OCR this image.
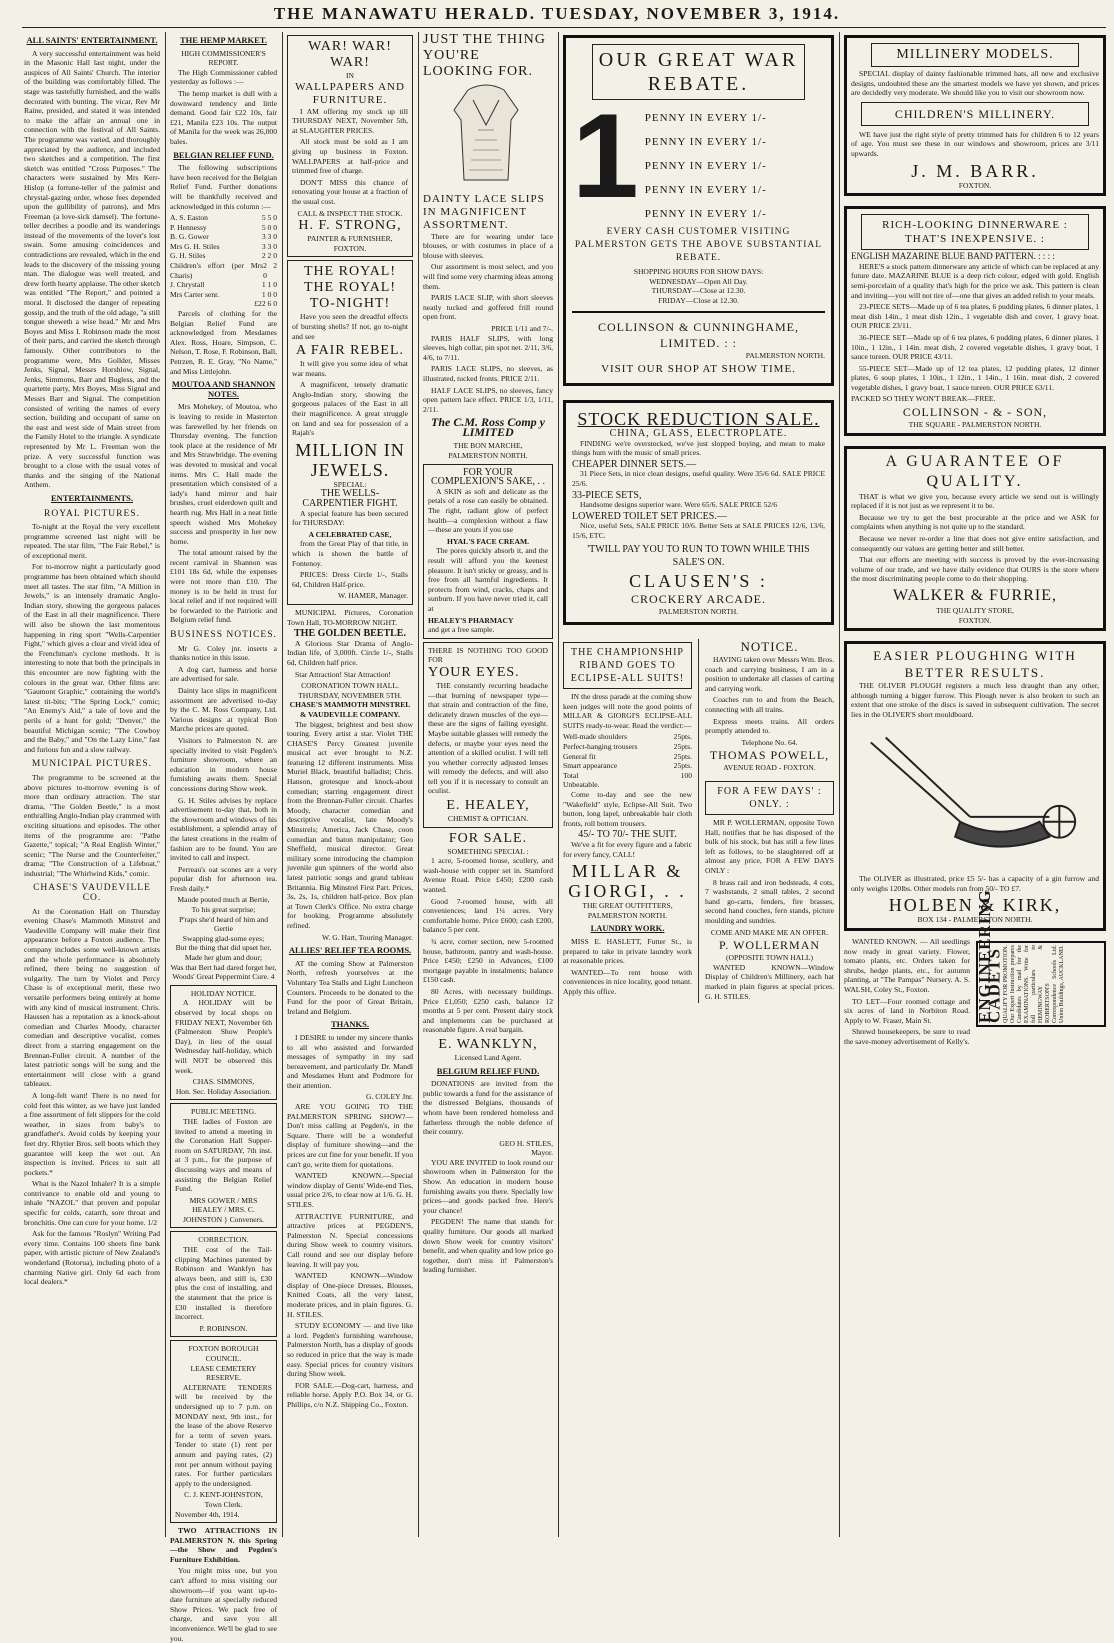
THE MANAWATU HERALD. TUESDAY, NOVEMBER 3, 1914.
ALL SAINTS' ENTERTAINMENT.

A very successful entertainment was held in the Masonic Hall last night, under the auspices of All Saints' Church. The interior of the building was comfortably filled. The stage was tastefully furnished, and the walls decorated with bunting. The vicar, Rev Mr Raine, presided, and stated it was intended to make the affair an annual one in connection with the festival of All Saints. The programme was varied, and thoroughly appreciated by the audience, and included two sketches and a competition. The first sketch was entitled "Cross Purposes." The characters were sustained by Mrs Kerr-Hislop (a fortune-teller of the palmist and chrystal-gazing order, whose fees depended upon the gullibility of patrons), and Mrs Freeman (a love-sick damsel). The fortune-teller decribes a poodle and its wanderings instead of the movements of the lover's lost swain. Some amusing coincidences and contradictions are revealed, which in the end leads to the discovery of the missing young man. The dialogue was well treated, and drew forth hearty applause. The other sketch was entitled "The Report," and pointed a moral. It disclosed the danger of repeating gossip, and the truth of the old adage, "a still tongue sheweth a wise head." Mr and Mrs Boyes and Miss I. Robinson made the most of their parts, and carried the sketch through famously. Other contributors to the programme were, Mrs Gollder, Misses Jenks, Signal, Messrs Horsblow, Signal, Jenks, Simmons, Barr and Bugless, and the quartette party, Mrs Boyes, Miss Signal and Messrs Barr and Signal. The competition consisted of writing the names of every section, building and occupant of same on the east and west side of Main street from the Family Hotel to the triangle. A syndicate represented by Mr L. Freeman won the prize. A very successful function was brought to a close with the usual votes of thanks and the singing of the National Anthem.

ENTERTAINMENTS.
ROYAL PICTURES.

To-night at the Royal the very excellent programme screened last night will be repeated. The star film, "The Fair Rebel," is of exceptional merit.

For to-morrow night a particularly good programme has been obtained which should meet all tastes. The star film, "A Million in Jewels," is an intensely dramatic Anglo-Indian story, showing the gorgeous palaces of the East in all their magnificence. There will also be shown the last momentous happening in ring sport "Wells-Carpentier Fight," which gives a clear and vivid idea of the Frenchman's cyclone methods. It is interesting to note that both the principals in this encounter are now fighting with the colours in the great war. Other films are: "Gaumont Graphic," containing the world's latest tit-bits; "The Spring Lock," comic; "An Enemy's Aid," a tale of love and the perils of a hunt for gold; "Denver," the beautiful Michigan scenic; "The Cowboy and the Baby," and "On the Lazy Line," fast and furious fun and a slow railway.

MUNICIPAL PICTURES.

The programme to be screened at the above pictures to-morrow evening is of more than ordinary attraction. The star drama, "The Golden Beetle," is a most enthralling Anglo-Indian play crammed with exciting situations and episodes. The other items of the programme are: "Pathe Gazette," topical; "A Real English Winter," scenic; "The Nurse and the Counterfeiter," drama; "The Construction of a Lifeboat," industrial; "The Whirlwind Kids," comic.

CHASE'S VAUDEVILLE CO.

At the Coronation Hall on Thursday evening Chase's Mammoth Minstrel and Vaudeville Company will make their first appearance before a Foxton audience. The company includes some well-known artists and the whole performance is absolutely refined, there being no suggestion of vulgarity. The turn by Violet and Percy Chase is of exceptional merit, these two versatile performers being entirely at home with any kind of musical instrument. Chris. Haussen has a reputation as a knock-about comedian and Charles Moody, character comedian and descriptive vocalist, comes direct from a starring engagement on the Brennan-Fuller circuit. A number of the latest patriotic songs will be sung and the entertainment will close with a grand tableaux.

A long-felt want! There is no need for cold feet this winter, as we have just landed a fine assortment of felt slippers for the cold weather, in sizes from baby's to grandfather's. Avoid colds by keeping your feet dry. Rhytier Bros. sell boots which they guarantee will keep the wet out. An inspection is invited. Prices to suit all pockets.*

What is the Nazol Inhaler? It is a simple contrivance to enable old and young to inhale "NAZOL" that proven and popular specific for colds, catarrh, sore throat and bronchitis. One can cure for your home. 1/2

Ask for the famous "Roslyn" Writing Pad every time. Contains 100 sheets fine bank paper, with artistic picture of New Zealand's wonderland (Rotorua), including photo of a charming Native girl. Only 6d each from local dealers.*

THE HEMP MARKET.
HIGH COMMISSIONER'S REPORT.

The High Commissioner cabled yesterday as follows :—

The hemp market is dull with a downward tendency and little demand. Good fair £22 10s, fair £21, Manila £23 10s. The output of Manila for the week was 26,000 bales.

BELGIAN RELIEF FUND.

The following subscriptions have been received for the Belgian Relief Fund. Further donations will be thankfully received and acknowledged in this column :—

A. S. Easton	5 5 0
P. Hennessy	5 0 0
B. G. Gower	3 3 0
Mrs G. H. Stiles	3 3 0
G. H. Stiles	2 2 0
Children's effort (per Mrs Charis)
2 2 0
J. Chrystall	1 1 0
Mrs Carter senr.	1 0 0
£22 6 0

Parcels of clothing for the Belgian Relief Fund are acknowledged from Mesdames Alex. Ross, Hoare, Simpson, C. Nelson, T. Rose, F. Robinson, Ball, Petrzen, R. E. Gray, "No Name," and Miss Littlejohn.

MOUTOA AND SHANNON NOTES.

Mrs Mohekey, of Moutoa, who is leaving to reside in Masterton was farewelled by her friends on Thursday evening. The function took place at the residence of Mr and Mrs Strawbridge. The evening was devoted to musical and vocal items. Mrs C. Hall made the presentation which consisted of a lady's hand mirror and hair brushes, cruel eiderdown quilt and hearth rug. Mrs Hall in a neat little speech wished Mrs Mohekey success and prosperity in her new home.

The total amount raised by the recent carnival in Shannon was £101 18s 6d, while the expenses were not more than £10. The money is to be held in trust for local relief and if not required will be forwarded to the Patriotic and Belgium relief fund.

BUSINESS NOTICES.

Mr G. Coley jnr. inserts a thanks notice in this issue.

A dog cart, harness and horse are advertised for sale.

Dainty lace slips in magnificent assortment are advertised to-day by the C. M. Ross Company, Ltd. Various designs at typical Bon Marche prices are quoted.

Visitors to Palmerston N. are specially invited to visit Pegden's furniture showroom, where an education in modern house furnishing awaits them. Special concessions during Show week.

G. H. Stiles advises by replace advertisement to-day that, both in the showroom and windows of his establishment, a splendid array of the latest creations in the realm of fashion are to be found. You are invited to call and inspect.

Perreau's oat scones are a very popular dish for afternoon tea. Fresh daily.*

Maude pouted much at Bertie,
To his great surprise;
P'raps she'd heard of him and Gertie
Swapping glad-some eyes;
But the thing that did upset her,
Made her glum and dour;
Was that Bert had dared forget her,
Woods' Great Peppermint Cure. 4
HOLIDAY NOTICE.

A HOLIDAY will be observed by local shops on FRIDAY NEXT, November 6th (Palmerston Show People's Day), in lieu of the usual Wednesday half-holiday, which will NOT be observed this week.

CHAS. SIMMONS,
Hon. Sec. Holiday Association.
PUBLIC MEETING.

THE ladies of Foxton are invited to attend a meeting in the Coronation Hall Supper-room on SATURDAY, 7th inst. at 3 p.m., for the purpose of discussing ways and means of assisting the Belgian Relief Fund.

MRS GOWER / MRS HEALEY / MRS. C. JOHNSTON } Conveners.
CORRECTION.

THE cost of the Tail-clipping Machines patented by Robinson and Wankfyn has always been, and still is, £30 plus the cost of installing, and the statement that the price is £30 installed is therefore incorrect.

P. ROBINSON.
FOXTON BOROUGH COUNCIL.
LEASE CEMETERY RESERVE.

ALTERNATE TENDERS will be received by the undersigned up to 7 p.m. on MONDAY next, 9th inst., for the lease of the above Reserve for a term of seven years. Tender to state (1) rent per annum and paying rates, (2) rent per annum without paying rates. For further particulars apply to the undersigned.

C. J. KENT-JOHNSTON,
Town Clerk.
November 4th, 1914.

TWO ATTRACTIONS IN PALMERSTON N. this Spring—the Show and Pegden's Furniture Exhibition.

You might miss one, but you can't afford to miss visiting our showroom—if you want up-to-date furniture at specially reduced Show Prices. We pack free of charge, and save you all inconvenience. We'll be glad to see you.

WAR! WAR! WAR!
IN
WALLPAPERS AND FURNITURE.

I AM offering my stock up till THURSDAY NEXT, November 5th, at SLAUGHTER PRICES.

All stock must be sold as I am giving up business in Foxton. WALLPAPERS at half-price and trimmed free of charge.

DON'T MISS this chance of renovating your house at a fraction of the usual cost.

CALL & INSPECT THE STOCK.
H. F. STRONG,
PAINTER & FURNISHER, FOXTON.
THE ROYAL! THE ROYAL!
TO-NIGHT!

Have you seen the dreadful effects of bursting shells? If not, go to-night and see

A FAIR REBEL.

It will give you some idea of what war means.

A magnificent, tensely dramatic Anglo-Indian story, showing the gorgeous palaces of the East in all their magnificence. A great struggle on land and sea for possession of a Rajah's

MILLION IN JEWELS.
SPECIAL:
THE WELLS-CARPENTIER FIGHT.

A special feature has been secured for THURSDAY:

A CELEBRATED CASE,

from the Great Play of that title, in which is shown the battle of Fontenoy.

PRICES: Dress Circle 1/-, Stalls 6d, Children Half-price.

W. HAMER, Manager.

MUNICIPAL Pictures, Coronation Town Hall, TO-MORROW NIGHT.

THE GOLDEN BEETLE.

A Glorious Star Drama of Anglo-Indian life, of 3,000ft. Circle 1/-, Stalls 6d, Children half price.

Star Attraction! Star Attraction!

CORONATION TOWN HALL.
THURSDAY, NOVEMBER 5TH.
CHASE'S MAMMOTH MINSTREL & VAUDEVILLE COMPANY.

The biggest, brightest and best show touring. Every artist a star. Violet THE CHASE'S Percy Greatest juvenile musical act ever brought to N.Z. featuring 12 different instruments. Miss Muriel Black, beautiful balladist; Chris. Hanson, grotesque and knock-about comedian; starring engagement direct from the Brennan-Fuller circuit. Charles Moody, character comedian and descriptive vocalist, late Moody's Minstrels; America, Jack Chase, coon comedian and baton manipulator; Geo Sheffield, musical director. Great military scene introducing the champion juvenile gun spinners of the world also latest patriotic songs and grand tableau Britannia. Big Minstrel First Part. Prices, 3s, 2s, 1s, children half-price. Box plan at Town Clerk's Office. No extra charge for booking. Programme absolutely refined.

W. G. Hart, Touring Manager.
ALLIES' RELIEF TEA ROOMS.

AT the coming Show at Palmerston North, refresh yourselves at the Voluntary Tea Stalls and Light Luncheon Counters. Proceeds to be donated to the Fund for the poor of Great Britain, Ireland and Belgium.

THANKS.

I DESIRE to tender my sincere thanks to all who assisted and forwarded messages of sympathy in my sad bereavement, and particularly Dr. Mandl and Mesdames Hunt and Podmore for their attention.

G. COLEY Jnr.

ARE YOU GOING TO THE PALMERSTON SPRING SHOW?—Don't miss calling at Pegden's, in the Square. There will be a wonderful display of furniture showing—and the prices are cut fine for your benefit. If you can't go, write them for quotations.

WANTED KNOWN.—Special window display of Gents' Wide-end Ties, usual price 2/6, to clear now at 1/6. G. H. STILES.

ATTRACTIVE FURNITURE, and attractive prices at PEGDEN'S, Palmerston N. Special concessions during Show week to country visitors. Call round and see our display before leaving. It will pay you.

WANTED KNOWN—Window display of One-piece Dresses, Blouses, Knitted Coats, all the very latest, moderate prices, and in plain figures. G. H. STILES.

STUDY ECONOMY — and live like a lord. Pegden's furnishing warehouse, Palmerston North, has a display of goods so reduced in price that the way is made easy. Special prices for country visitors during Show week.

FOR SALE.—Dog-cart, harness, and reliable horse. Apply P.O. Box 34, or G. Phillips, c/o N.Z. Shipping Co., Foxton.

JUST THE THING YOU'RE LOOKING FOR.
DAINTY LACE SLIPS IN MAGNIFICENT ASSORTMENT.

There are for wearing under lace blouses, or with costumes in place of a blouse with sleeves.

Our assortment is most select, and you will find some very charming ideas among them.

PARIS LACE SLIP, with short sleeves neatly tucked and goffered frill round open front.

PRICE 1/11 and 7/-.

PARIS HALF SLIPS, with long sleeves, high collar, pin spot net. 2/11, 3/6, 4/6, to 7/11.

PARIS LACE SLIPS, no sleeves, as illustrated, tucked fronts. PRICE 2/11.

HALF LACE SLIPS, no sleeves, fancy open pattern lace effect. PRICE 1/3, 1/11, 2/11.

The C.M. Ross Comp y LIMITED
THE BON MARCHE,
PALMERSTON NORTH.
FOR YOUR COMPLEXION'S SAKE, . .

A SKIN as soft and delicate as the petals of a rose can easily be obtained. The right, radiant glow of perfect health—a complexion without a flaw—these are yours if you use

HYAL'S FACE CREAM.

The pores quickly absorb it, and the result will afford you the keenest pleasure. It isn't sticky or greasy, and is free from all harmful ingredients. It protects from wind, cracks, chaps and sunburn. If you have never tried it, call at

HEALEY'S PHARMACY
and get a free sample.
THERE IS NOTHING TOO GOOD FOR
YOUR EYES.

THE constantly recurring headache—that burning of newspaper type—that strain and contraction of the fine, delicately drawn muscles of the eye—these are the signs of failing eyesight. Maybe suitable glasses will remedy the defects, or maybe your eyes need the attention of a skilled oculist. I will tell you whether correctly adjusted lenses will remedy the defects, and will also tell you if it is necessary to consult an oculist.

E. HEALEY,
CHEMIST & OPTICIAN.
FOR SALE.
SOMETHING SPECIAL :

1 acre, 5-roomed house, scullery, and wash-house with copper set in. Stamford Avenue Road. Price £450; £200 cash wanted.

Good 7-roomed house, with all conveniences; land 1¼ acres. Very comfortable home. Price £600; cash £200, balance 5 per cent.

¾ acre, corner section, new 5-roomed house, bathroom, pantry and wash-house. Price £450; £250 in Advances, £100 mortgage payable in instalments; balance £150 cash.

80 Acres, with necessary buildings. Price £1,050; £250 cash, balance 12 months at 5 per cent. Present dairy stock and implements can be purchased at reasonable figure. A real bargain.

E. WANKLYN,
Licensed Land Agent.
BELGIUM RELIEF FUND.

DONATIONS are invited from the public towards a fund for the assistance of the distressed Belgians, thousands of whom have been rendered homeless and fatherless through the noble defence of their country.

GEO H. STILES,
Mayor.

YOU ARE INVITED to look round our showroom when in Palmerston for the Show. An education in modern house furnishing awaits you there. Specially low prices—and goods packed free. Here's your chance!

PEGDEN! The name that stands for quality furniture. Our goods all marked down Show week for country visitors' benefit, and when quality and low price go together, don't miss it! Palmerston's leading furnisher.

OUR GREAT WAR REBATE.
1 PENNY IN EVERY 1/-
PENNY IN EVERY 1/-
PENNY IN EVERY 1/-
PENNY IN EVERY 1/-
PENNY IN EVERY 1/-

EVERY CASH CUSTOMER VISITING PALMERSTON GETS THE ABOVE SUBSTANTIAL REBATE.

SHOPPING HOURS FOR SHOW DAYS:
WEDNESDAY—Open All Day.
THURSDAY—Close at 12.30.
FRIDAY—Close at 12.30.
COLLINSON & CUNNINGHAME, LIMITED. : :
PALMERSTON NORTH.
VISIT OUR SHOP AT SHOW TIME.
STOCK REDUCTION SALE.
CHINA, GLASS, ELECTROPLATE.

FINDING we're overstocked, we've just slopped buying, and mean to make things hum with the music of small prices.

CHEAPER DINNER SETS.—

31 Piece Sets, in nice clean designs, useful quality. Were 35/6 6d. SALE PRICE 25/6.

33-PIECE SETS,

Handsome designs superior ware. Were 65/6. SALE PRICE 52/6

LOWERED TOILET SET PRICES.—

Nice, useful Sets, SALE PRICE 10/6. Better Sets at SALE PRICES 12/6, 13/6, 15/6, ETC.

'TWILL PAY YOU TO RUN TO TOWN WHILE THIS SALE'S ON.

CLAUSEN'S :
CROCKERY ARCADE.
PALMERSTON NORTH.
THE CHAMPIONSHIP RIBAND GOES TO ECLIPSE-ALL SUITS!

IN the dress parade at the coming show keen judges will note the good points of MILLAR & GIORGI'S ECLIPSE-ALL SUITS ready-to-wear. Read the verdict:—

Well-made shoulders	25pts.
Perfect-hanging trousers	25pts.
General fit	25pts.
Smart appearance	25pts.
Total	100
Unbeatable.

Come to-day and see the new "Wakefield" style, Eclipse-All Suit. Two button, long lapel, unbreakable hair cloth fronts, roll bottom trousers.

45/- TO 70/- THE SUIT.

We've a fit for every figure and a fabric for every fancy, CALL!

MILLAR & GIORGI, . .
THE GREAT OUTFITTERS,
PALMERSTON NORTH.
LAUNDRY WORK.

MISS E. HASLETT, Futter St., is prepared to take in private laundry work at reasonable prices.

WANTED—To rent house with conveniences in nice locality, good tenant. Apply this office.

NOTICE.

HAVING taken over Messrs Wm. Bros. coach and carrying business, I am in a position to undertake all classes of carting and carrying work.

Coaches run to and from the Beach, connecting with all trains.

Express meets trains. All orders promptly attended to.

Telephone No. 64.
THOMAS POWELL,
AVENUE ROAD - FOXTON.
FOR A FEW DAYS' : ONLY. :

MR P. WOLLERMAN, opposite Town Hall, notifies that he has disposed of the bulk of his stock, but has still a few lines left as follows, to be slaughtered off at almost any price, FOR A FEW DAYS ONLY :

8 brass rail and iron bedsteads, 4 cots, 7 washstands, 2 small tables, 2 second hand go-carts, fenders, fire brasses, second hand couches, fern stands, picture moulding and sundries.

COME AND MAKE ME AN OFFER.
P. WOLLERMAN
(OPPOSITE TOWN HALL)

WANTED KNOWN—Window Display of Children's Millinery, each hat marked in plain figures at special prices. G. H. STILES.

MILLINERY MODELS.

SPECIAL display of dainty fashionable trimmed hats, all new and exclusive designs, undoubted these are the smartest models we have yet shown, and prices are decidedly very moderate. We should like you to visit our showroom now.

CHILDREN'S MILLINERY.

WE have just the right style of pretty trimmed hats for children 6 to 12 years of age. You must see these in our windows and showroom, prices are 3/11 upwards.

J. M. BARR.
FOXTON.
RICH-LOOKING DINNERWARE : THAT'S INEXPENSIVE. :
ENGLISH MAZARINE BLUE BAND PATTERN. : : : :

HERE'S a stock pattern dinnerware any article of which can be replaced at any future date. MAZARINE BLUE is a deep rich colour, edged with gold. English semi-porcelain of a quality that's high for the price we ask. This pattern is clean and inviting—you will not tire of—one that gives an added relish to your meals.

23-PIECE SETS—Made up of 6 tea plates, 6 pudding plates, 6 dinner plates, 1 meat dish 14in., 1 meat dish 12in., 1 vegetable dish and cover, 1 gravy boat. OUR PRICE 23/11.

36-PIECE SET—Made up of 6 tea plates, 6 pudding plates, 6 dinner plates, 1 10in., 1 12in., 1 14in. meat dish, 2 covered vegetable dishes, 1 gravy boat, 1 sauce tureen. OUR PRICE 43/11.

55-PIECE SET—Made up of 12 tea plates, 12 pudding plates, 12 dinner plates, 6 soup plates, 1 10in., 1 12in., 1 14in., 1 16in. meat dish, 2 covered vegetable dishes, 1 gravy boat, 1 sauce tureen. OUR PRICE 63/11.

PACKED SO THEY WON'T BREAK—FREE.
COLLINSON - & - SON,
THE SQUARE - PALMERSTON NORTH.
A GUARANTEE OF QUALITY.

THAT is what we give you, because every article we send out is willingly replaced if it is not just as we represent it to be.

Because we try to get the best procurable at the price and we ASK for complaints when anything is not quite up to the standard.

Because we never re-order a line that does not give entire satisfaction, and consequently our values are getting better and still better.

That our efforts are meeting with success is proved by the ever-increasing volume of our trade, and we have daily evidence that OURS is the store where the most discriminating people come to do their shopping.

WALKER & FURRIE,
THE QUALITY STORE,
FOXTON.
EASIER PLOUGHING WITH BETTER RESULTS.

THE OLIVER PLOUGH registers a much less draught than any other, although turning a bigger furrow. This Plough never is also broken to such an extent that one stroke of the discs is saved in subsequent cultivation. The secret lies in the OLIVER'S short mouldboard.

The OLIVER as illustrated, price £5 5/- has a capacity of a gin furrow and only weighs 120lbs. Other models run from 50/- TO £7.

HOLBEN & KIRK,
BOX 134 - PALMERSTON NORTH.

WANTED KNOWN. — All seedlings now ready in great variety. Flower, tomato plants, etc. Orders taken for shrubs, hedge plants, etc., for autumn planting, at "The Pampas" Nursery. A. S. WALSH, Coley St., Foxton.

TO LET—Four roomed cottage and six acres of land in Norbiton Road. Apply to W. Fraser, Main St.

Shrewd housekeepers, be sure to read the save-money advertisement of Kelly's.

ENGINEERING CADETS QUALIFY FOR PROMOTION. Our Expert Instruction prepares Candidates by mail for the EXAMINATIONS. Write for full particulars to HEMINGWAY & ROBERTSON'S Correspondence Schools Ltd. Union Buildings, AUCKLAND.
